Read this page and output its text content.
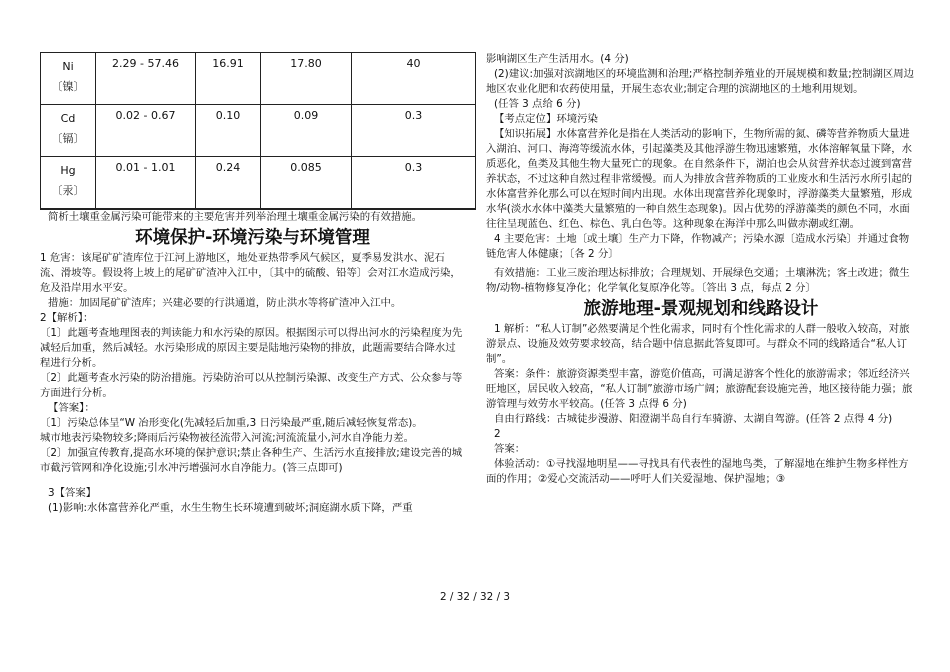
Ni
〔镍〕	2.29 - 57.46	16.91	17.80	40

Cd
〔镉〕	0.02 - 0.67	0.10	0.09	0.3

Hg
〔汞〕	0.01 - 1.01	0.24	0.085	0.3

简析土壤重金属污染可能带来的主要危害并列举治理土壤重金属污染的有效措施。

环境保护-环境污染与环境管理

1 危害：该尾矿矿渣库位于江河上游地区，地处亚热带季风气候区，夏季易发洪水、泥石流、滑坡等。假设将上坡上的尾矿矿渣冲入江中，〔其中的硫酸、铅等〕会对江水造成污染，危及沿岸用水平安。

措施：加固尾矿矿渣库；兴建必要的行洪通道，防止洪水等将矿渣冲入江中。

2【解析】：

〔1〕此题考查地理图表的判读能力和水污染的原因。根据图示可以得出河水的污染程度为先减轻后加重，然后减轻。水污染形成的原因主要是陆地污染物的排放，此题需要结合降水过程进行分析。

〔2〕此题考查水污染的防治措施。污染防治可以从控制污染源、改变生产方式、公众参与等方面进行分析。

【答案】：

〔1〕污染总体呈“W 冶形变化(先减轻后加重,3 日污染最严重,随后减轻恢复常态)。

城市地表污染物较多;降雨后污染物被径流带入河流;河流流量小,河水自净能力差。

〔2〕加强宣传教育,提高水环境的保护意识;禁止各种生产、生活污水直接排放;建设完善的城市截污管网和净化设施;引水冲污增强河水自净能力。(答三点即可)

3【答案】

(1)影响:水体富营养化严重，水生生物生长环境遭到破坏;洞庭湖水质下降，严重

影响湖区生产生活用水。(4 分)

(2)建议:加强对滨湖地区的环境监测和治理;严格控制养殖业的开展规模和数量;控制湖区周边地区农业化肥和农药使用量，开展生态农业;制定合理的滨湖地区的土地利用规划。

(任答 3 点给 6 分)

【考点定位】环境污染

【知识拓展】水体富营养化是指在人类活动的影响下，生物所需的氮、磷等营养物质大量进入湖泊、河口、海湾等缓流水体，引起藻类及其他浮游生物迅速繁殖，水体溶解氧量下降，水质恶化，鱼类及其他生物大量死亡的现象。在自然条件下，湖泊也会从贫营养状态过渡到富营养状态，不过这种自然过程非常缓慢。而人为排放含营养物质的工业废水和生活污水所引起的水体富营养化那么可以在短时间内出现。水体出现富营养化现象时，浮游藻类大量繁殖，形成水华(淡水水体中藻类大量繁殖的一种自然生态现象)。因占优势的浮游藻类的颜色不同，水面往往呈现蓝色、红色、棕色、乳白色等。这种现象在海洋中那么叫做赤潮或红潮。

4 主要危害：土地〔或土壤〕生产力下降，作物减产；污染水源〔造成水污染〕并通过食物链危害人体健康；〔各 2 分〕

有效措施：工业三废治理达标排放；合理规划、开展绿色交通；土壤淋洗；客土改进；微生物/动物-植物修复净化；化学氧化复原净化等。〔答出 3 点，每点 2 分〕

旅游地理-景观规划和线路设计

1 解析：“私人订制”必然要满足个性化需求，同时有个性化需求的人群一般收入较高，对旅游景点、设施及效劳要求较高，结合题中信息据此答复即可。与群众不同的线路适合“私人订制”。

答案：条件：旅游资源类型丰富，游览价值高，可满足游客个性化的旅游需求；邻近经济兴旺地区，居民收入较高，“私人订制”旅游市场广阔；旅游配套设施完善，地区接待能力强；旅游管理与效劳水平较高。(任答 3 点得 6 分)

自由行路线：古城徒步漫游、阳澄湖半岛自行车骑游、太湖自驾游。(任答 2 点得 4 分)

2

答案：

体验活动：①寻找湿地明星——寻找具有代表性的湿地鸟类，了解湿地在维护生物多样性方面的作用；②爱心交流活动——呼吁人们关爱湿地、保护湿地；③

2 / 32 / 32 / 3
